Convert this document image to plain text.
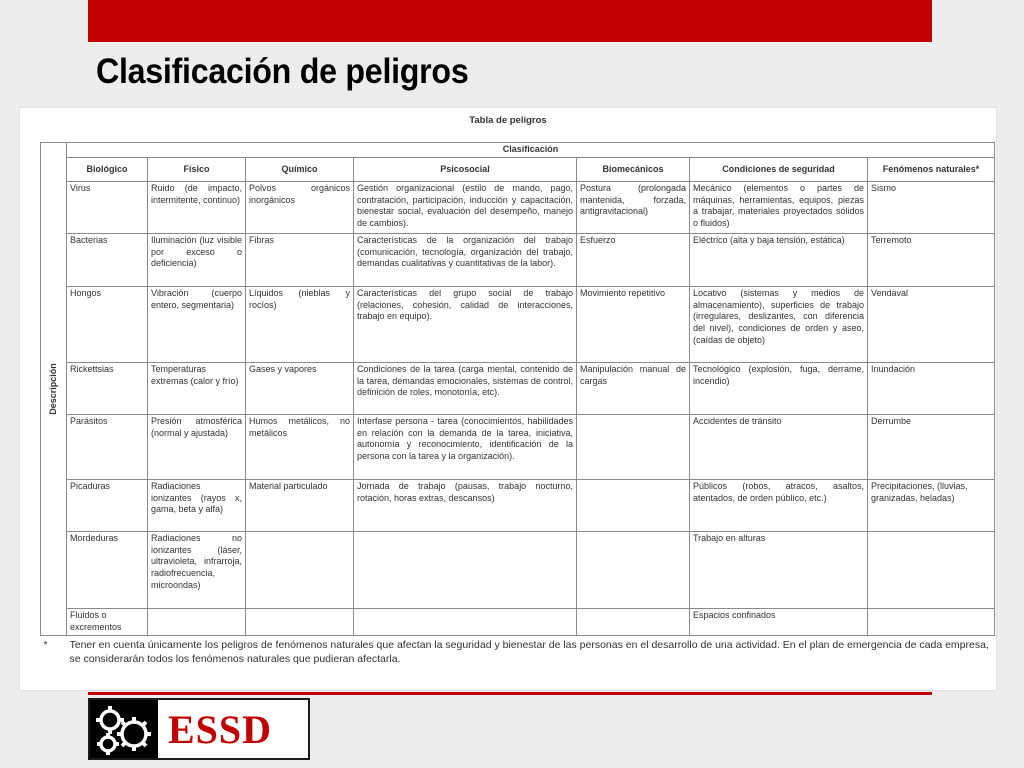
Clasificación de peligros
Tabla de peligros
Descripción	Clasificación						
	Biológico	Físico	Químico	Psicosocial	Biomecánicos	Condiciones de seguridad	Fenómenos naturales*
	Virus	Ruido (de impacto, intermitente, continuo)	Polvos orgánicos inorgánicos	Gestión organizacional (estilo de mando, pago, contratación, participación, inducción y capacitación, bienestar social, evaluación del desempeño, manejo de cambios).	Postura (prolongada mantenida, forzada, antigravitacional)	Mecánico (elementos o partes de máquinas, herramientas, equipos, piezas a trabajar, materiales proyectados sólidos o fluidos)	Sismo
	Bacterias	Iluminación (luz visible por exceso o deficiencia)	Fibras	Características de la organización del trabajo (comunicación, tecnología, organización del trabajo, demandas cualitativas y cuantitativas de la labor).	Esfuerzo	Eléctrico (alta y baja tensión, estática)	Terremoto
	Hongos	Vibración (cuerpo entero, segmentaria)	Líquidos (nieblas y rocíos)	Características del grupo social de trabajo (relaciones, cohesión, calidad de interacciones, trabajo en equipo).	Movimiento repetitivo	Locativo (sistemas y medios de almacenamiento), superficies de trabajo (irregulares, deslizantes, con diferencia del nivel), condiciones de orden y aseo, (caídas de objeto)	Vendaval
	Rickettsias	Temperaturas extremas (calor y frío)	Gases y vapores	Condiciones de la tarea (carga mental, contenido de la tarea, demandas emocionales, sistemas de control, definición de roles, monotonía, etc).	Manipulación manual de cargas	Tecnológico (explosión, fuga, derrame, incendio)	Inundación
	Parásitos	Presión atmosférica (normal y ajustada)	Humos metálicos, no metálicos	Interfase persona - tarea (conocimientos, habilidades en relación con la demanda de la tarea, iniciativa, autonomía y reconocimiento, identificación de la persona con la tarea y la organización).		Accidentes de tránsito	Derrumbe
	Picaduras	Radiaciones ionizantes (rayos x, gama, beta y alfa)	Material particulado	Jornada de trabajo (pausas, trabajo nocturno, rotación, horas extras, descansos)		Públicos (robos, atracos, asaltos, atentados, de orden público, etc.)	Precipitaciones, (lluvias, granizadas, heladas)
	Mordeduras	Radiaciones no ionizantes (láser, ultravioleta, infrarroja, radiofrecuencia, microondas)				Trabajo en alturas	
	Fluidos o excrementos					Espacios confinados	
*	Tener en cuenta únicamente los peligros de fenómenos naturales que afectan la seguridad y bienestar de las personas en el desarrollo de una actividad. En el plan de emergencia de cada empresa, se considerarán todos los fenómenos naturales que pudieran afectarla.						
ESSD
